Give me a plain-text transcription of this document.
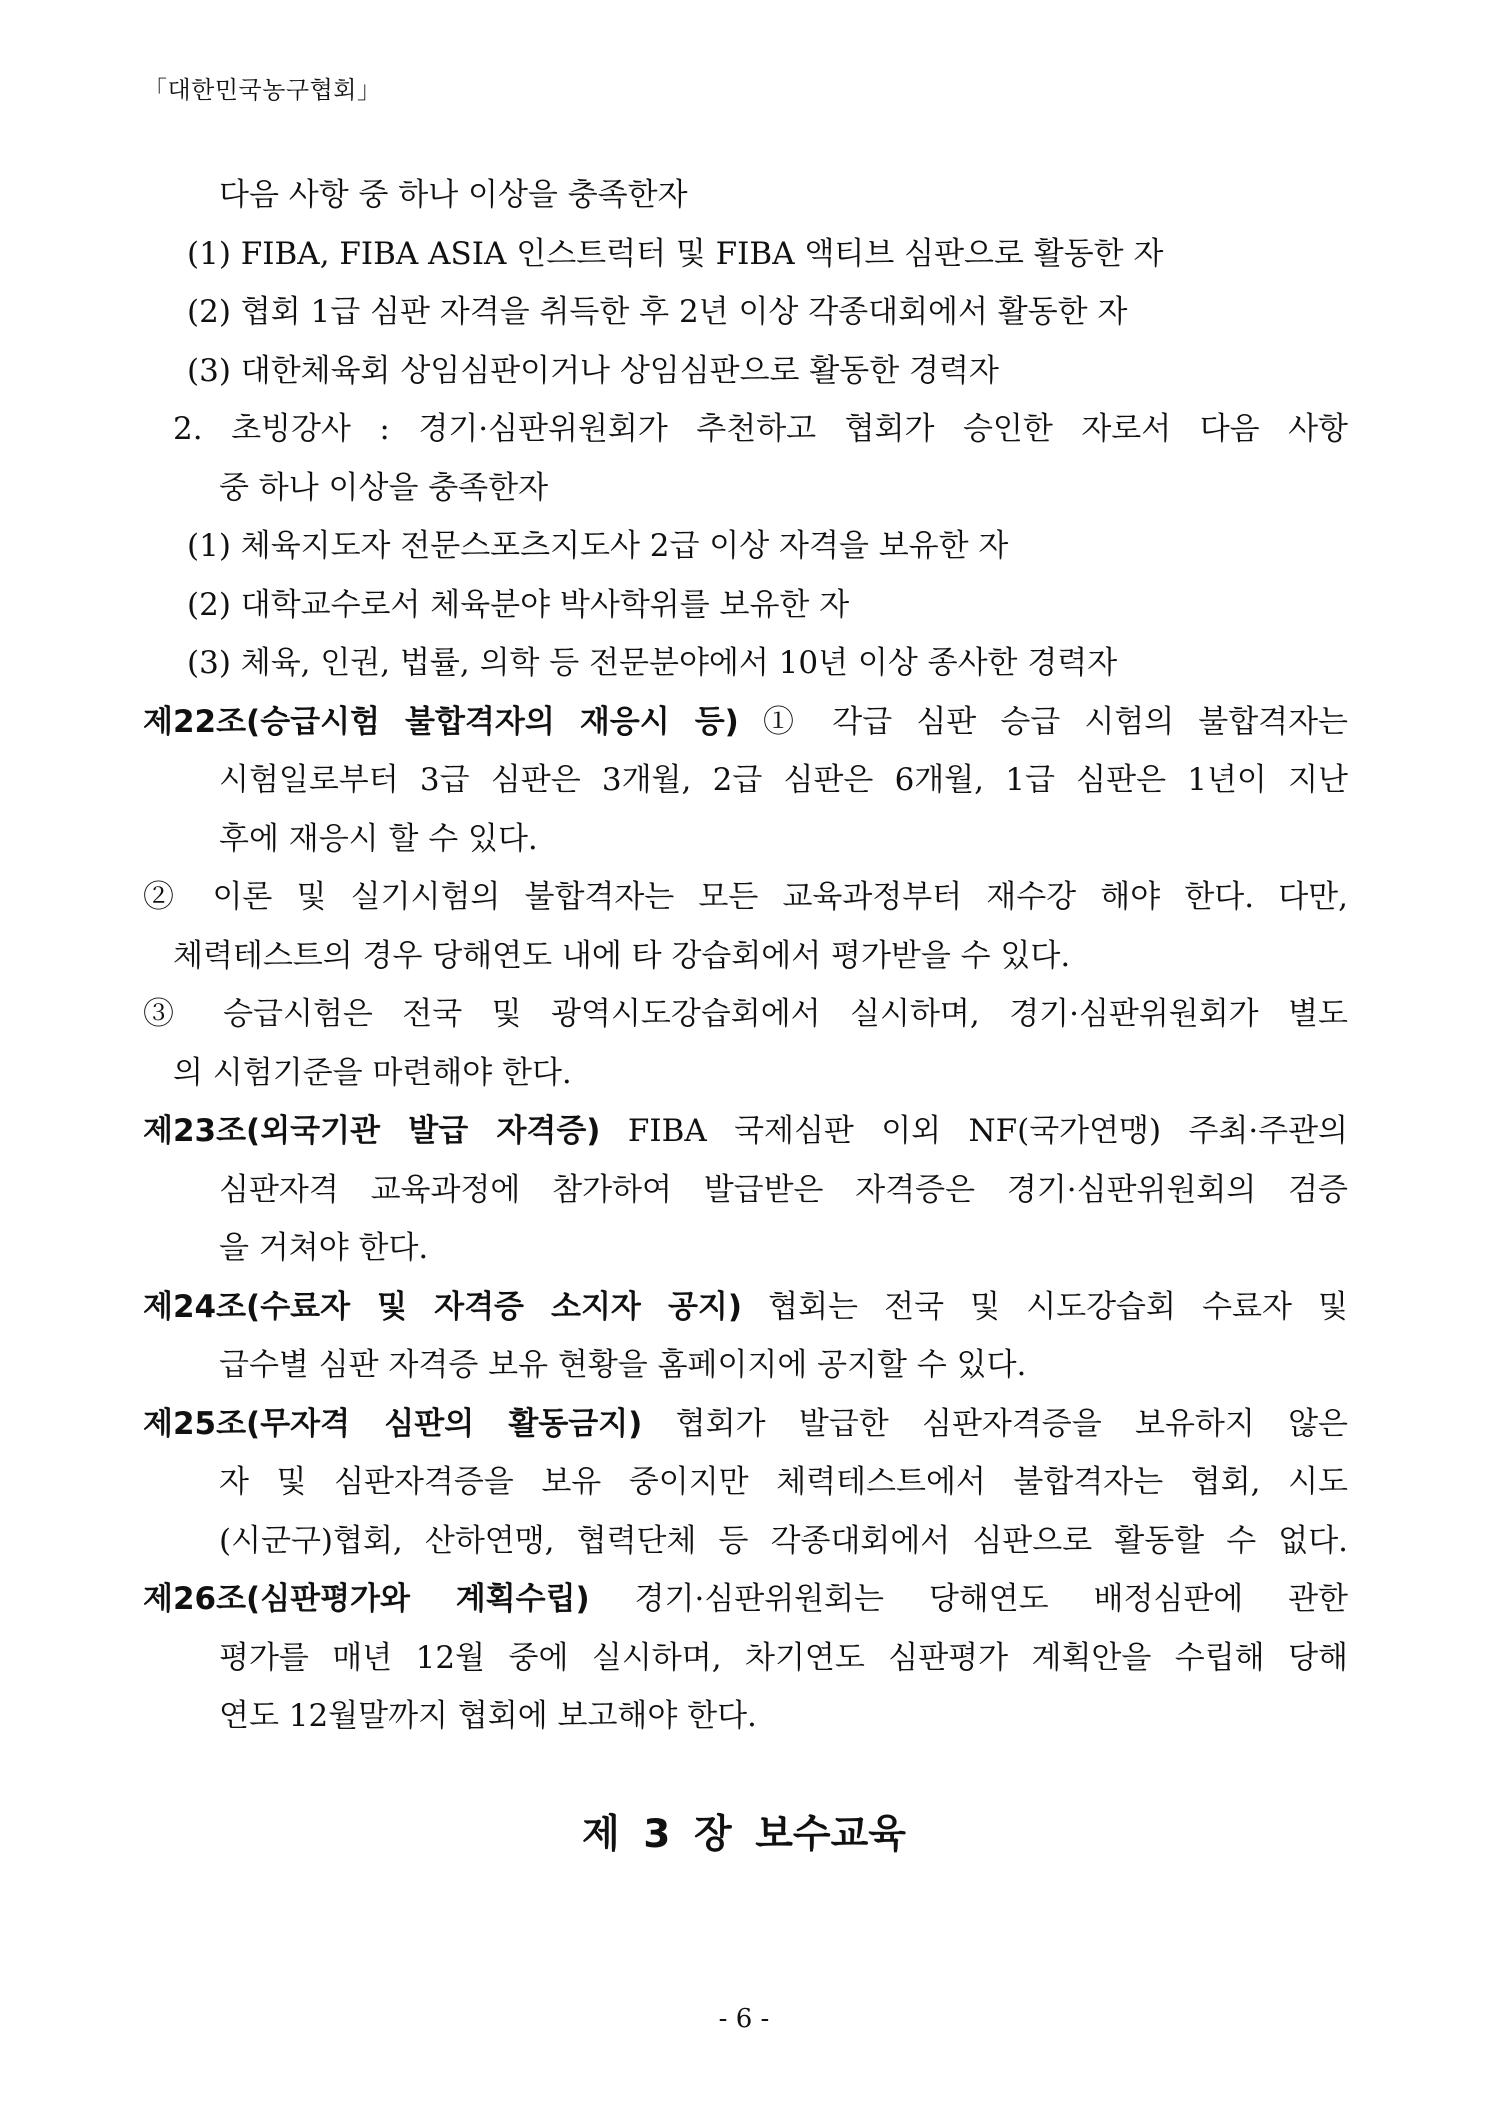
「대한민국농구협회」
다음 사항 중 하나 이상을 충족한자
(1) FIBA, FIBA ASIA 인스트럭터 및 FIBA 액티브 심판으로 활동한 자
(2) 협회 1급 심판 자격을 취득한 후 2년 이상 각종대회에서 활동한 자
(3) 대한체육회 상임심판이거나 상임심판으로 활동한 경력자
2. 초빙강사 : 경기·심판위원회가 추천하고 협회가 승인한 자로서 다음 사항
중 하나 이상을 충족한자
(1) 체육지도자 전문스포츠지도사 2급 이상 자격을 보유한 자
(2) 대학교수로서 체육분야 박사학위를 보유한 자
(3) 체육, 인권, 법률, 의학 등 전문분야에서 10년 이상 종사한 경력자
제22조(승급시험 불합격자의 재응시 등) ① 각급 심판 승급 시험의 불합격자는
시험일로부터 3급 심판은 3개월, 2급 심판은 6개월, 1급 심판은 1년이 지난
후에 재응시 할 수 있다.
② 이론 및 실기시험의 불합격자는 모든 교육과정부터 재수강 해야 한다. 다만,
체력테스트의 경우 당해연도 내에 타 강습회에서 평가받을 수 있다.
③ 승급시험은 전국 및 광역시도강습회에서 실시하며, 경기·심판위원회가 별도
의 시험기준을 마련해야 한다.
제23조(외국기관 발급 자격증) FIBA 국제심판 이외 NF(국가연맹) 주최·주관의
심판자격 교육과정에 참가하여 발급받은 자격증은 경기·심판위원회의 검증
을 거쳐야 한다.
제24조(수료자 및 자격증 소지자 공지) 협회는 전국 및 시도강습회 수료자 및
급수별 심판 자격증 보유 현황을 홈페이지에 공지할 수 있다.
제25조(무자격 심판의 활동금지) 협회가 발급한 심판자격증을 보유하지 않은
자 및 심판자격증을 보유 중이지만 체력테스트에서 불합격자는 협회, 시도
(시군구)협회, 산하연맹, 협력단체 등 각종대회에서 심판으로 활동할 수 없다.
제26조(심판평가와 계획수립) 경기·심판위원회는 당해연도 배정심판에 관한
평가를 매년 12월 중에 실시하며, 차기연도 심판평가 계획안을 수립해 당해
연도 12월말까지 협회에 보고해야 한다.
제 3 장 보수교육
- 6 -
